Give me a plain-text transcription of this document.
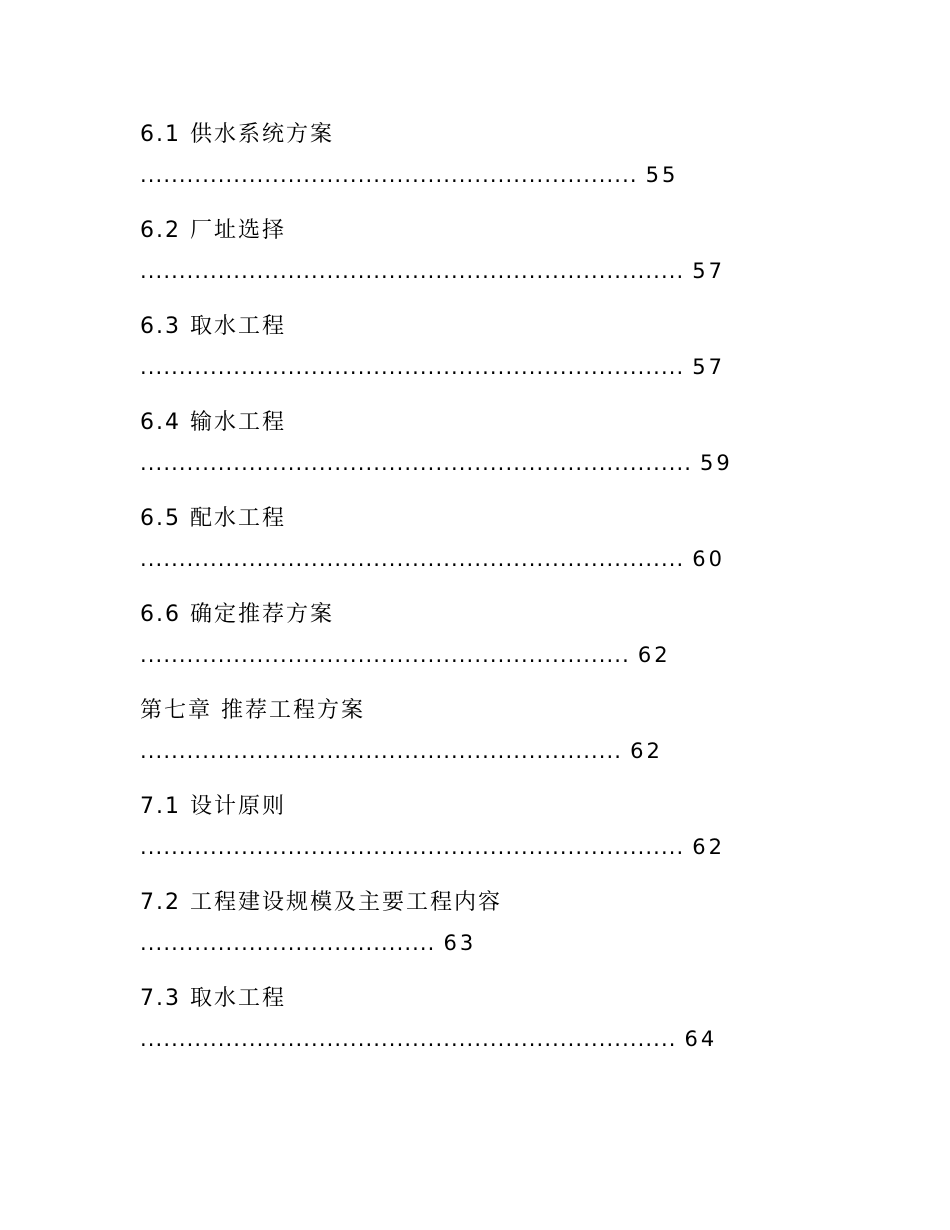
6.1 供水系统方案
................................................................ 55
6.2 厂址选择
...................................................................... 57
6.3 取水工程
...................................................................... 57
6.4 输水工程
....................................................................... 59
6.5 配水工程
...................................................................... 60
6.6 确定推荐方案
............................................................... 62
第七章 推荐工程方案
.............................................................. 62
7.1 设计原则
...................................................................... 62
7.2 工程建设规模及主要工程内容
...................................... 63
7.3 取水工程
..................................................................... 64
